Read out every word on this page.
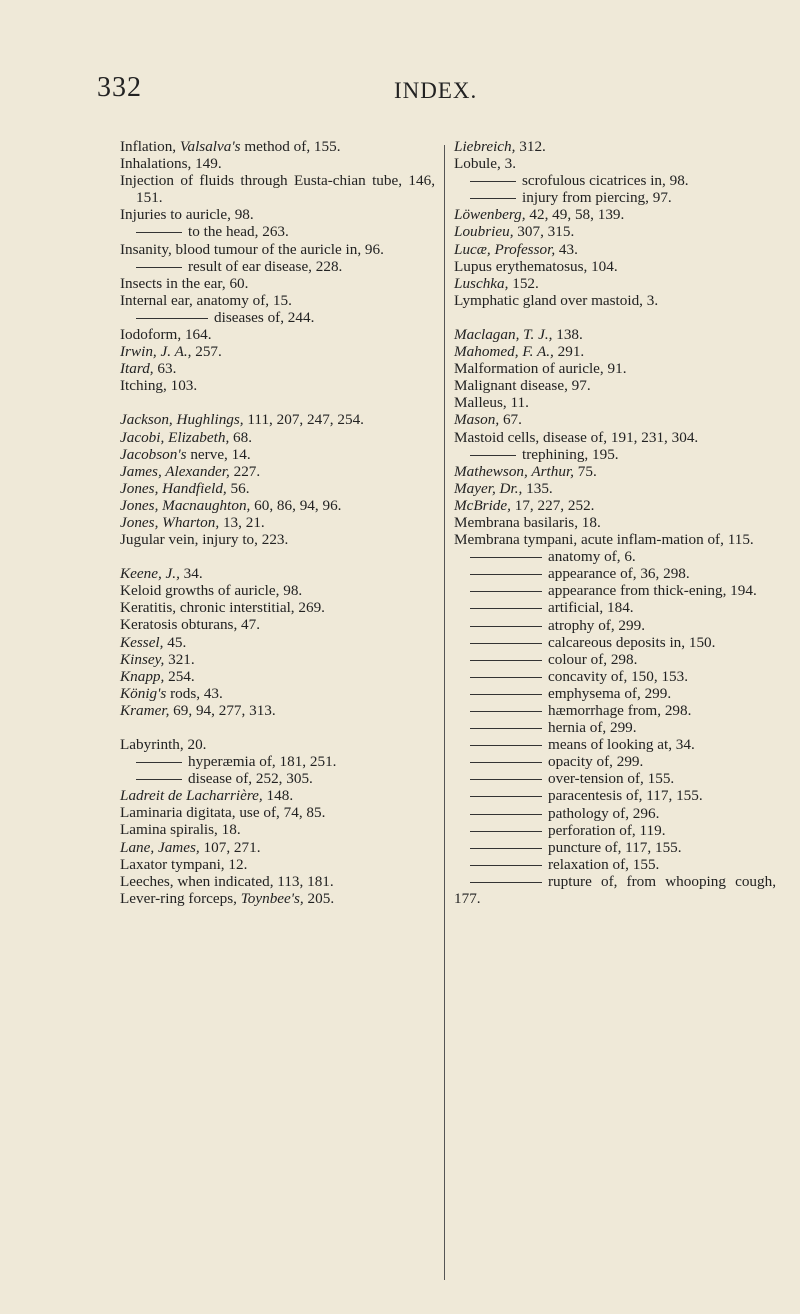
332	INDEX.
Inflation, Valsalva's method of, 155.
Inhalations, 149.
Injection of fluids through Eusta-chian tube, 146, 151.
Injuries to auricle, 98.
to the head, 263.
Insanity, blood tumour of the auricle in, 96.
result of ear disease, 228.
Insects in the ear, 60.
Internal ear, anatomy of, 15.
diseases of, 244.
Iodoform, 164.
Irwin, J. A., 257.
Itard, 63.
Itching, 103.
Jackson, Hughlings, 111, 207, 247, 254.
Jacobi, Elizabeth, 68.
Jacobson's nerve, 14.
James, Alexander, 227.
Jones, Handfield, 56.
Jones, Macnaughton, 60, 86, 94, 96.
Jones, Wharton, 13, 21.
Jugular vein, injury to, 223.
Keene, J., 34.
Keloid growths of auricle, 98.
Keratitis, chronic interstitial, 269.
Keratosis obturans, 47.
Kessel, 45.
Kinsey, 321.
Knapp, 254.
König's rods, 43.
Kramer, 69, 94, 277, 313.
Labyrinth, 20.
hyperæmia of, 181, 251.
disease of, 252, 305.
Ladreit de Lacharrière, 148.
Laminaria digitata, use of, 74, 85.
Lamina spiralis, 18.
Lane, James, 107, 271.
Laxator tympani, 12.
Leeches, when indicated, 113, 181.
Lever-ring forceps, Toynbee's, 205.
Liebreich, 312.
Lobule, 3.
scrofulous cicatrices in, 98.
injury from piercing, 97.
Löwenberg, 42, 49, 58, 139.
Loubrieu, 307, 315.
Lucæ, Professor, 43.
Lupus erythematosus, 104.
Luschka, 152.
Lymphatic gland over mastoid, 3.
Maclagan, T. J., 138.
Mahomed, F. A., 291.
Malformation of auricle, 91.
Malignant disease, 97.
Malleus, 11.
Mason, 67.
Mastoid cells, disease of, 191, 231, 304.
trephining, 195.
Mathewson, Arthur, 75.
Mayer, Dr., 135.
McBride, 17, 227, 252.
Membrana basilaris, 18.
Membrana tympani, acute inflam-mation of, 115.
anatomy of, 6.
appearance of, 36, 298.
appearance from thick-ening, 194.
artificial, 184.
atrophy of, 299.
calcareous deposits in, 150.
colour of, 298.
concavity of, 150, 153.
emphysema of, 299.
hæmorrhage from, 298.
hernia of, 299.
means of looking at, 34.
opacity of, 299.
over-tension of, 155.
paracentesis of, 117, 155.
pathology of, 296.
perforation of, 119.
puncture of, 117, 155.
relaxation of, 155.
rupture of, from whooping cough, 177.
